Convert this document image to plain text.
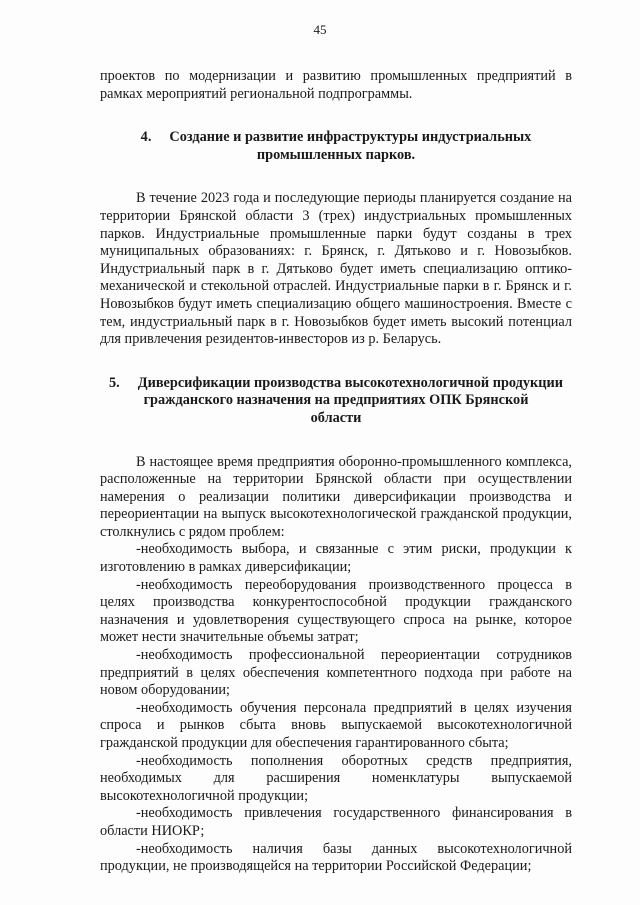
45

проектов по модернизации и развитию промышленных предприятий в рамках мероприятий региональной подпрограммы.

4. Создание и развитие инфраструктуры индустриальных
промышленных парков.

В течение 2023 года и последующие периоды планируется создание на территории Брянской области 3 (трех) индустриальных промышленных парков. Индустриальные промышленные парки будут созданы в трех муниципальных образованиях: г. Брянск, г. Дятьково и г. Новозыбков. Индустриальный парк в г. Дятьково будет иметь специализацию оптико-механической и стекольной отраслей. Индустриальные парки в г. Брянск и г. Новозыбков будут иметь специализацию общего машиностроения. Вместе с тем, индустриальный парк в г. Новозыбков будет иметь высокий потенциал для привлечения резидентов-инвесторов из р. Беларусь.

5. Диверсификации производства высокотехнологичной продукции
гражданского назначения на предприятиях ОПК Брянской
области

В настоящее время предприятия оборонно-промышленного комплекса, расположенные на территории Брянской области при осуществлении намерения о реализации политики диверсификации производства и переориентации на выпуск высокотехнологической гражданской продукции, столкнулись с рядом проблем:

-необходимость выбора, и связанные с этим риски, продукции к изготовлению в рамках диверсификации;

-необходимость переоборудования производственного процесса в целях производства конкурентоспособной продукции гражданского назначения и удовлетворения существующего спроса на рынке, которое может нести значительные объемы затрат;

-необходимость профессиональной переориентации сотрудников предприятий в целях обеспечения компетентного подхода при работе на новом оборудовании;

-необходимость обучения персонала предприятий в целях изучения спроса и рынков сбыта вновь выпускаемой высокотехнологичной гражданской продукции для обеспечения гарантированного сбыта;

-необходимость пополнения оборотных средств предприятия, необходимых для расширения номенклатуры выпускаемой высокотехнологичной продукции;

-необходимость привлечения государственного финансирования в области НИОКР;

-необходимость наличия базы данных высокотехнологичной продукции, не производящейся на территории Российской Федерации;
